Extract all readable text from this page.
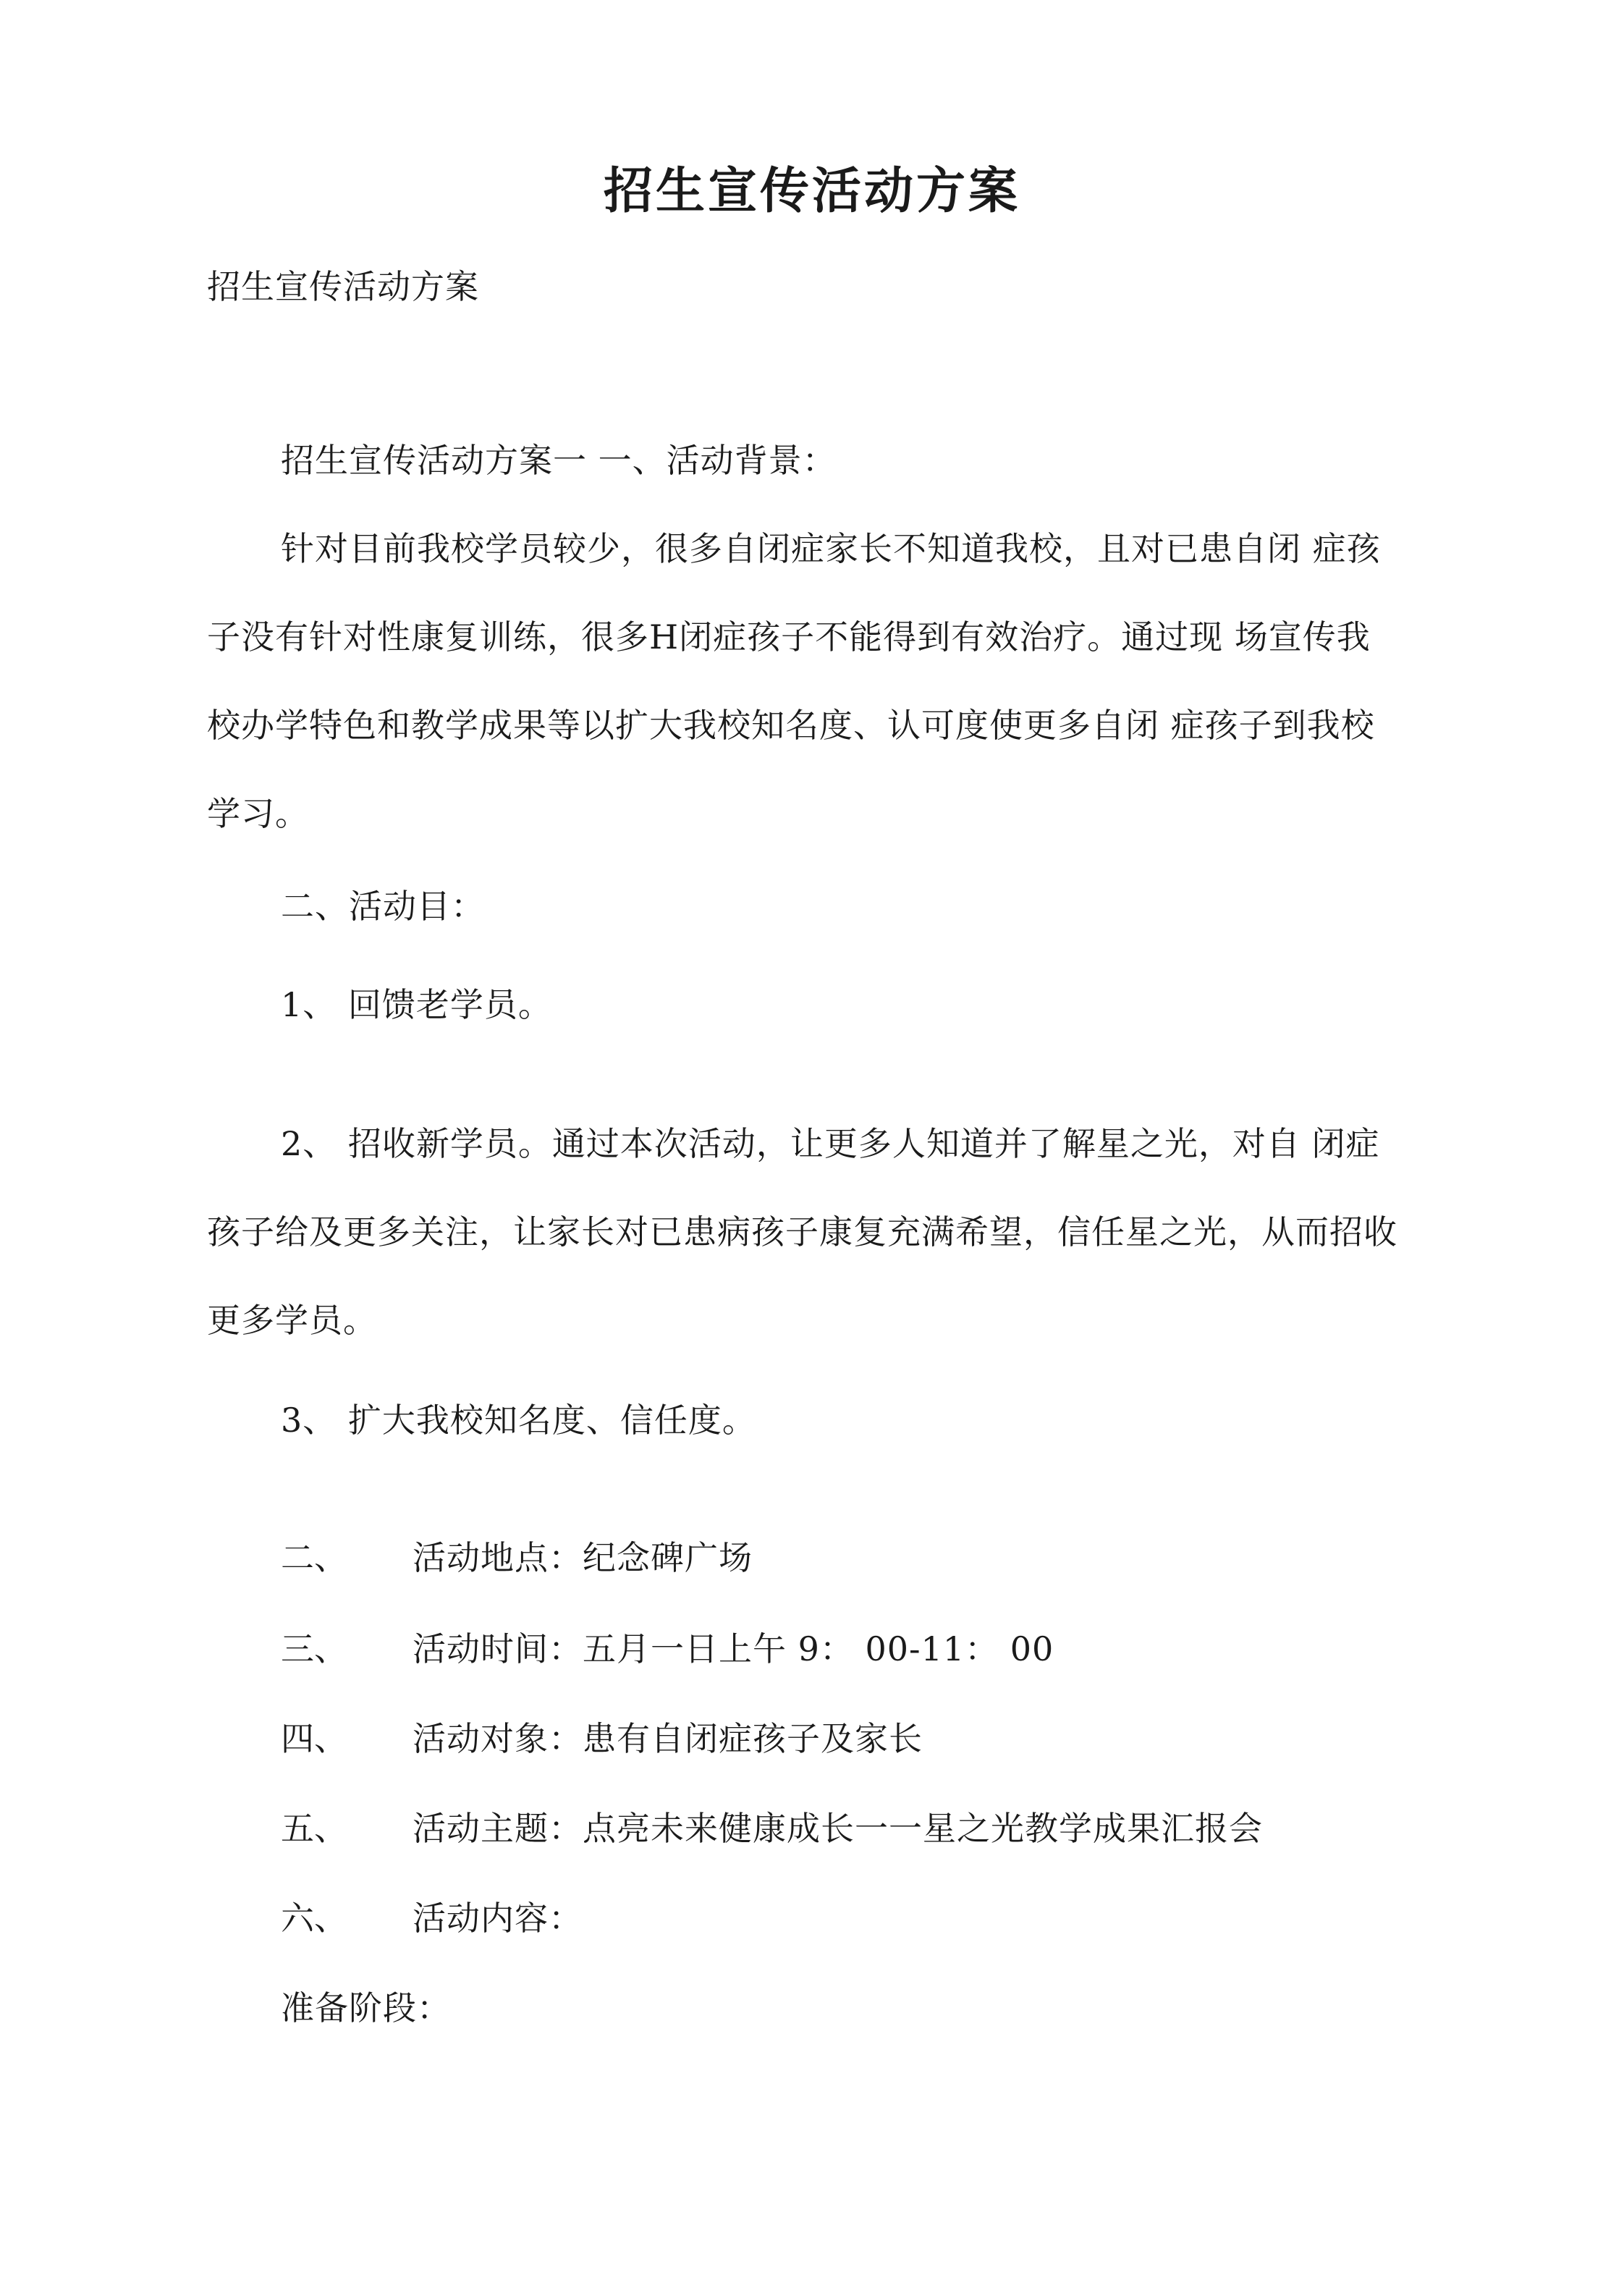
招生宣传活动方案
招生宣传活动方案
招生宣传活动方案一 一、活动背景：
针对目前我校学员较少，很多自闭症家长不知道我校，且对已患自闭 症孩
子没有针对性康复训练，很多H闭症孩子不能得到有效治疗。通过现 场宣传我
校办学特色和教学成果等以扩大我校知名度、认可度使更多自闭 症孩子到我校
学习。
二、活动目：
1、 回馈老学员。
2、 招收新学员。通过本次活动，让更多人知道并了解星之光，对自 闭症
孩子给及更多关注，让家长对已患病孩子康复充满希望，信任星之光，从而招收
更多学员。
3、 扩大我校知名度、信任度。
二、 活动地点：纪念碑广场
三、 活动时间：五月一日上午 9： 00-11： 00
四、 活动对象：患有自闭症孩子及家长
五、 活动主题：点亮未来健康成长一一星之光教学成果汇报会
六、 活动内容：
准备阶段：
